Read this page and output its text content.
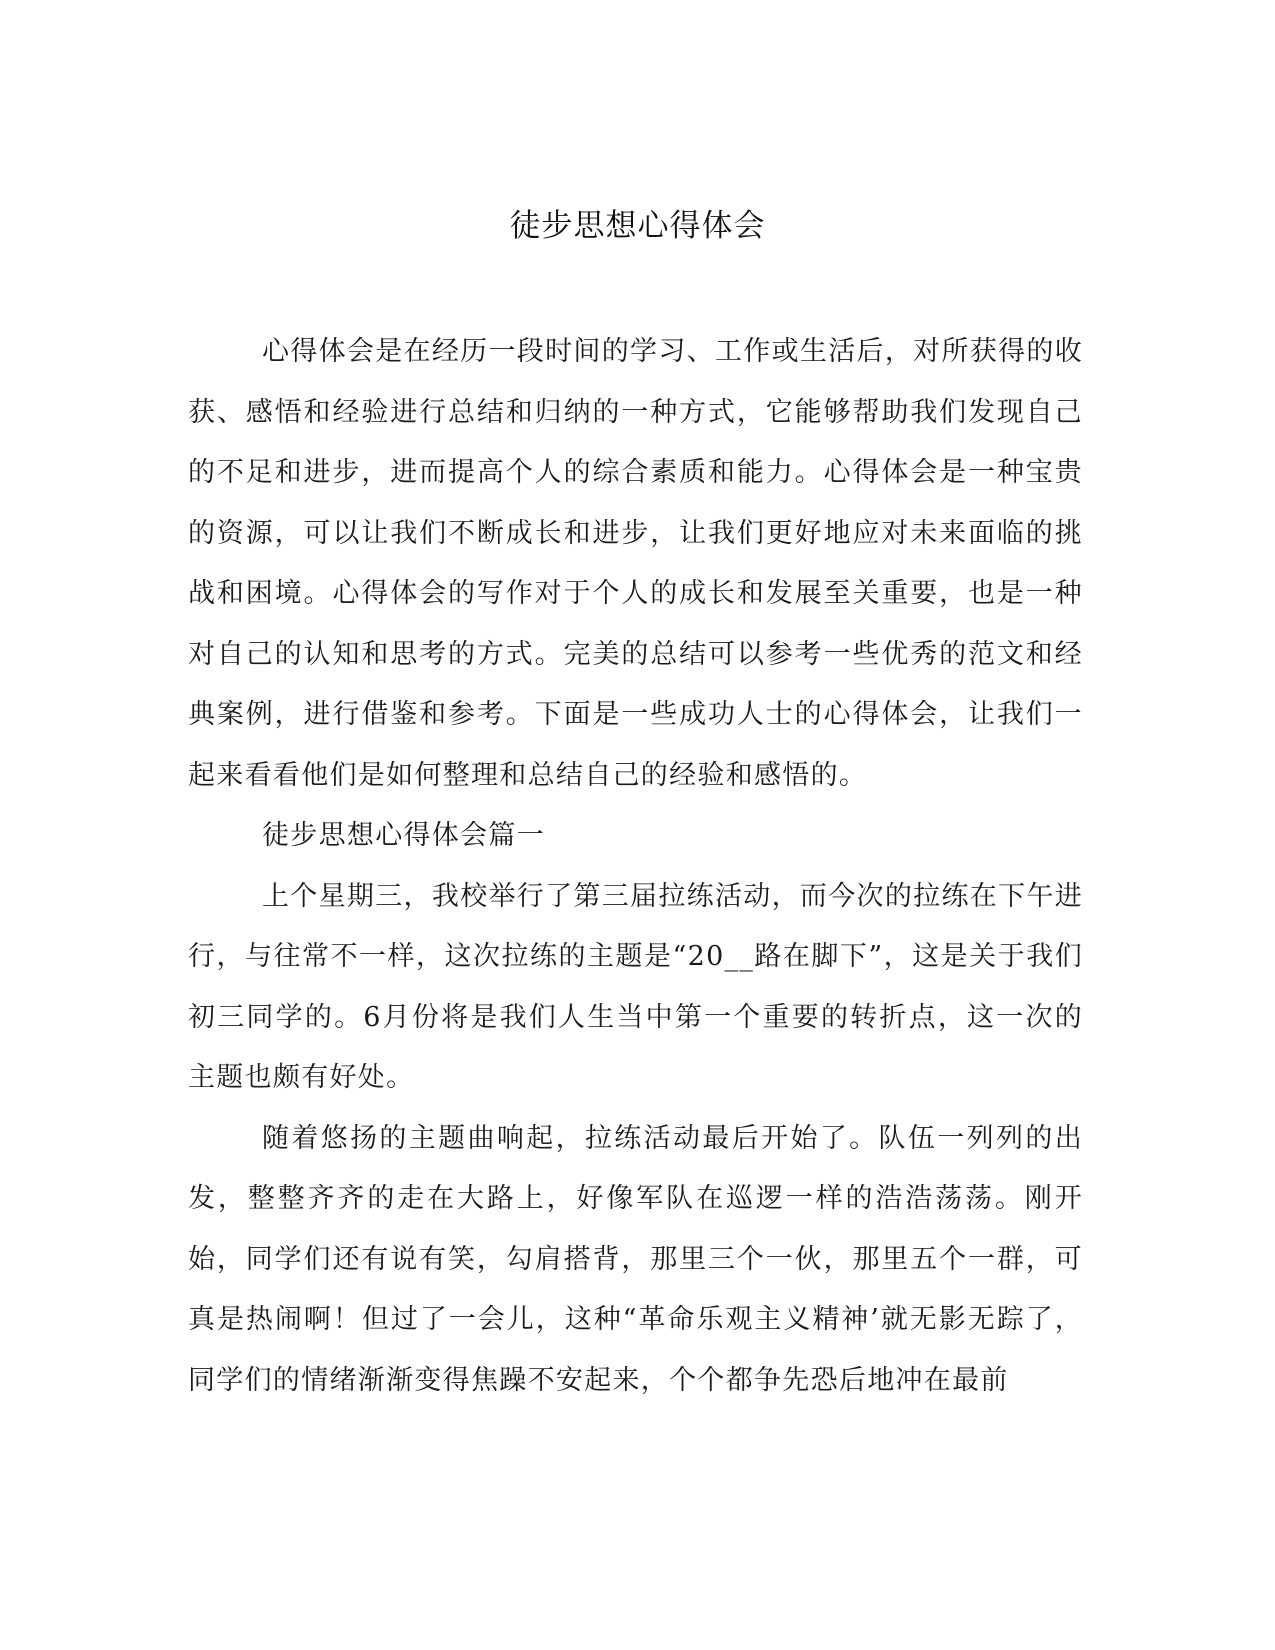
徒步思想心得体会

心得体会是在经历一段时间的学习、工作或生活后，对所获得的收获、感悟和经验进行总结和归纳的一种方式，它能够帮助我们发现自己的不足和进步，进而提高个人的综合素质和能力。心得体会是一种宝贵的资源，可以让我们不断成长和进步，让我们更好地应对未来面临的挑战和困境。心得体会的写作对于个人的成长和发展至关重要，也是一种对自己的认知和思考的方式。完美的总结可以参考一些优秀的范文和经典案例，进行借鉴和参考。下面是一些成功人士的心得体会，让我们一起来看看他们是如何整理和总结自己的经验和感悟的。

徒步思想心得体会篇一

上个星期三，我校举行了第三届拉练活动，而今次的拉练在下午进行，与往常不一样，这次拉练的主题是“20__路在脚下”，这是关于我们初三同学的。6月份将是我们人生当中第一个重要的转折点，这一次的主题也颇有好处。

随着悠扬的主题曲响起，拉练活动最后开始了。队伍一列列的出发，整整齐齐的走在大路上，好像军队在巡逻一样的浩浩荡荡。刚开始，同学们还有说有笑，勾肩搭背，那里三个一伙，那里五个一群，可真是热闹啊！但过了一会儿，这种“革命乐观主义精神’就无影无踪了，同学们的情绪渐渐变得焦躁不安起来，个个都争先恐后地冲在最前
